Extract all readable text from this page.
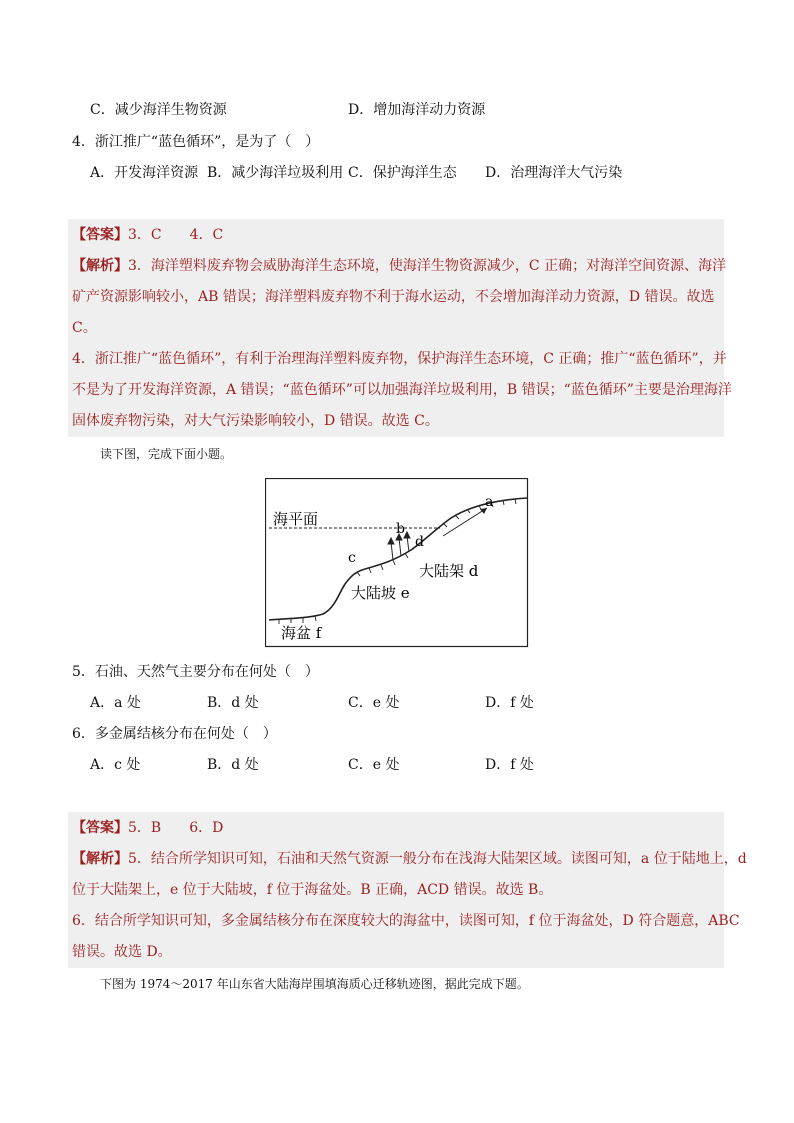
C．减少海洋生物资源	D．增加海洋动力资源
4．浙江推广“蓝色循环”，是为了（　）
A．开发海洋资源 B．减少海洋垃圾利用 C．保护海洋生态 D．治理海洋大气污染
【答案】3．C　　4．C
【解析】3．海洋塑料废弃物会威胁海洋生态环境，使海洋生物资源减少，C 正确；对海洋空间资源、海洋
矿产资源影响较小，AB 错误；海洋塑料废弃物不利于海水运动，不会增加海洋动力资源，D 错误。故选
C。
4．浙江推广“蓝色循环”，有利于治理海洋塑料废弃物，保护海洋生态环境，C 正确；推广“蓝色循环”，并
不是为了开发海洋资源，A 错误；“蓝色循环”可以加强海洋垃圾利用，B 错误；“蓝色循环”主要是治理海洋
固体废弃物污染，对大气污染影响较小，D 错误。故选 C。
读下图，完成下面小题。
海平面
a
b
c
d
大陆架 d
大陆坡 e
海盆 f
5．石油、天然气主要分布在何处（　）
A．a 处	B．d 处	C．e 处	D．f 处
6．多金属结核分布在何处（　）
A．c 处	B．d 处	C．e 处	D．f 处
【答案】5．B　　6．D
【解析】5．结合所学知识可知，石油和天然气资源一般分布在浅海大陆架区域。读图可知，a 位于陆地上，d
位于大陆架上，e 位于大陆坡，f 位于海盆处。B 正确，ACD 错误。故选 B。
6．结合所学知识可知，多金属结核分布在深度较大的海盆中，读图可知，f 位于海盆处，D 符合题意，ABC
错误。故选 D。
下图为 1974～2017 年山东省大陆海岸围填海质心迁移轨迹图，据此完成下题。
